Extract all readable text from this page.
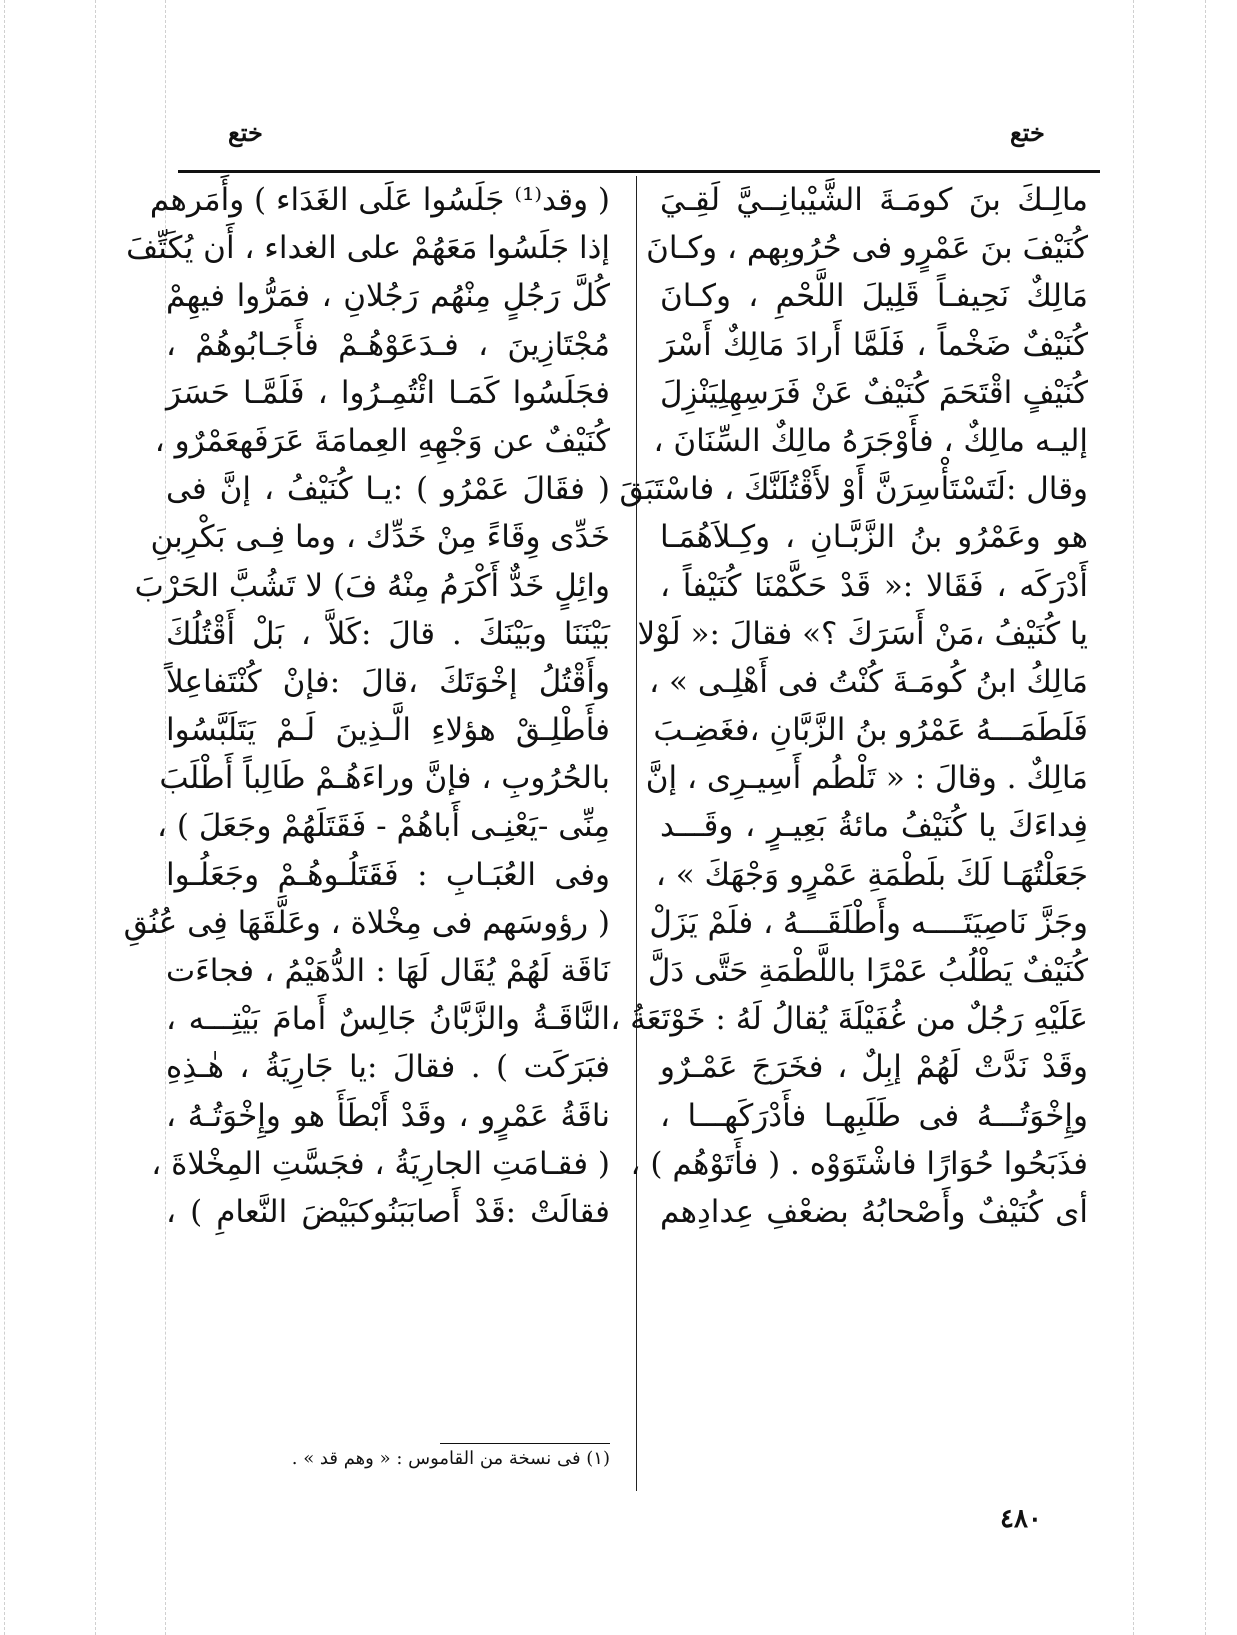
ختع
ختع
مالِـكَ بنَ كومَـةَ الشَّيْبانِــيَّ لَقِـيَ
كُنَيْفَ بنَ عَمْرٍو فى حُرُوبِهم ، وكـانَ
مَالِكٌ نَحِيفـاً قَلِيلَ اللَّحْمِ ، وكـانَ
كُنَيْفٌ ضَخْماً ، فَلَمَّا أَرادَ مَالِكٌ أَسْرَ
كُنَيْفٍ اقْتَحَمَ كُنَيْفٌ عَنْ فَرَسِهِلِيَنْزِلَ
إليـه مالِكٌ ، فأَوْجَرَهُ مالِكٌ السِّنَانَ ،
وقال :لَتَسْتَأْسِرَنَّ أَوْ لأَقْتُلَنَّكَ ، فاسْتَبَقَ
هو وعَمْرُو بنُ الزَّبَّـانِ ، وكِـلاَهُمَـا
أَدْرَكَه ، فَقَالا :« قَدْ حَكَّمْنَا كُنَيْفاً ،
يا كُنَيْفُ ،مَنْ أَسَرَكَ ؟» فقالَ :« لَوْلا
مَالِكُ ابنُ كُومَـةَ كُنْتُ فى أَهْلِـى » ،
فَلَطَمَـــهُ عَمْرُو بنُ الزَّبَّانِ ،فغَضِـبَ
مَالِكٌ . وقالَ : « تَلْطُم أَسِيـرِى ، إنَّ
فِداءَكَ يا كُنَيْفُ مائةُ بَعِيـرٍ ، وقَـــد
جَعَلْتُهَـا لَكَ بلَطْمَةِ عَمْرٍو وَجْهَكَ » ،
وجَزَّ نَاصِيَتَــــه وأَطْلَقَـــهُ ، فلَمْ يَزَلْ
كُنَيْفٌ يَطْلُبُ عَمْرًا باللَّطْمَةِ حَتَّى دَلَّ
عَلَيْهِ رَجُلٌ من غُفَيْلَةَ يُقالُ لَهُ : خَوْتَعَةُ ،
وقَدْ نَدَّتْ لَهُمْ إبِلٌ ، فخَرَجَ عَمْـرٌو
وإِخْوَتُـــهُ فى طَلَبِهـا فأَدْرَكَهـــا ،
فذَبَحُوا حُوَارًا فاشْتَوَوْه . ( فأَتَوْهُم ) ،
أى كُنَيْفٌ وأَصْحابُهُ بضعْفِ عِدادِهم
( وقد⁽¹⁾ جَلَسُوا عَلَى الغَدَاء ) وأَمَرهم
إذا جَلَسُوا مَعَهُمْ على الغداء ، أَن يُكَتِّفَ
كُلَّ رَجُلٍ مِنْهُم رَجُلانِ ، فمَرُّوا فيهِمْ
مُجْتَازِينَ ، فـدَعَوْهُـمْ فأَجَـابُوهُمْ ،
فجَلَسُوا كَمَـا ائْتُمِـرُوا ، فَلَمَّـا حَسَرَ
كُنَيْفٌ عن وَجْهِهِ العِمامَةَ عَرَفَهعَمْرٌو ،
( فقَالَ عَمْرُو ) :يـا كُنَيْفُ ، إنَّ فى
خَدِّى وِقَاءً مِنْ خَدِّك ، وما فِـى بَكْرِبنِ
وائِلٍ خَدٌّ أَكْرَمُ مِنْهُ فَ) لا تَشُبَّ الحَرْبَ
بَيْنَنَا وبَيْنَكَ . قالَ :كَلاَّ ، بَلْ أَقْتُلُكَ
وأَقْتُلُ إخْوَتَكَ ،قالَ :فإنْ كُنْتَفاعِلاً
فأَطْلِـقْ هؤلاءِ الَّـذِينَ لَـمْ يَتَلَبَّسُوا
بالحُرُوبِ ، فإنَّ وراءَهُـمْ طَالِباً أَطْلَبَ
مِنِّى -يَعْنِـى أَباهُمْ - فَقَتَلَهُمْ وجَعَلَ ) ،
وفى العُبَـابِ : فَقَتَلُـوهُـمْ وجَعَلُـوا
( رؤوسَهم فى مِخْلاة ، وعَلَّقَهَا فِى عُنُقِ
نَاقَة لَهُمْ يُقَال لَهَا : الدُّهَيْمُ ، فجاءَت
النَّاقَـةُ والزَّبَّانُ جَالِسٌ أَمامَ بَيْتِـــه ،
فبَرَكَت ) . فقالَ :يا جَارِيَةُ ، هٰـذِهِ
ناقَةُ عَمْرٍو ، وقَدْ أَبْطَأَ هو وإِخْوَتُـهُ ،
( فقـامَتِ الجارِيَةُ ، فجَسَّتِ المِخْلاةَ ،
فقالَتْ :قَدْ أَصابَبَنُوكبَيْضَ النَّعامِ ) ،
(١) فى نسخة من القاموس : « وهم قد » .
٤٨٠
